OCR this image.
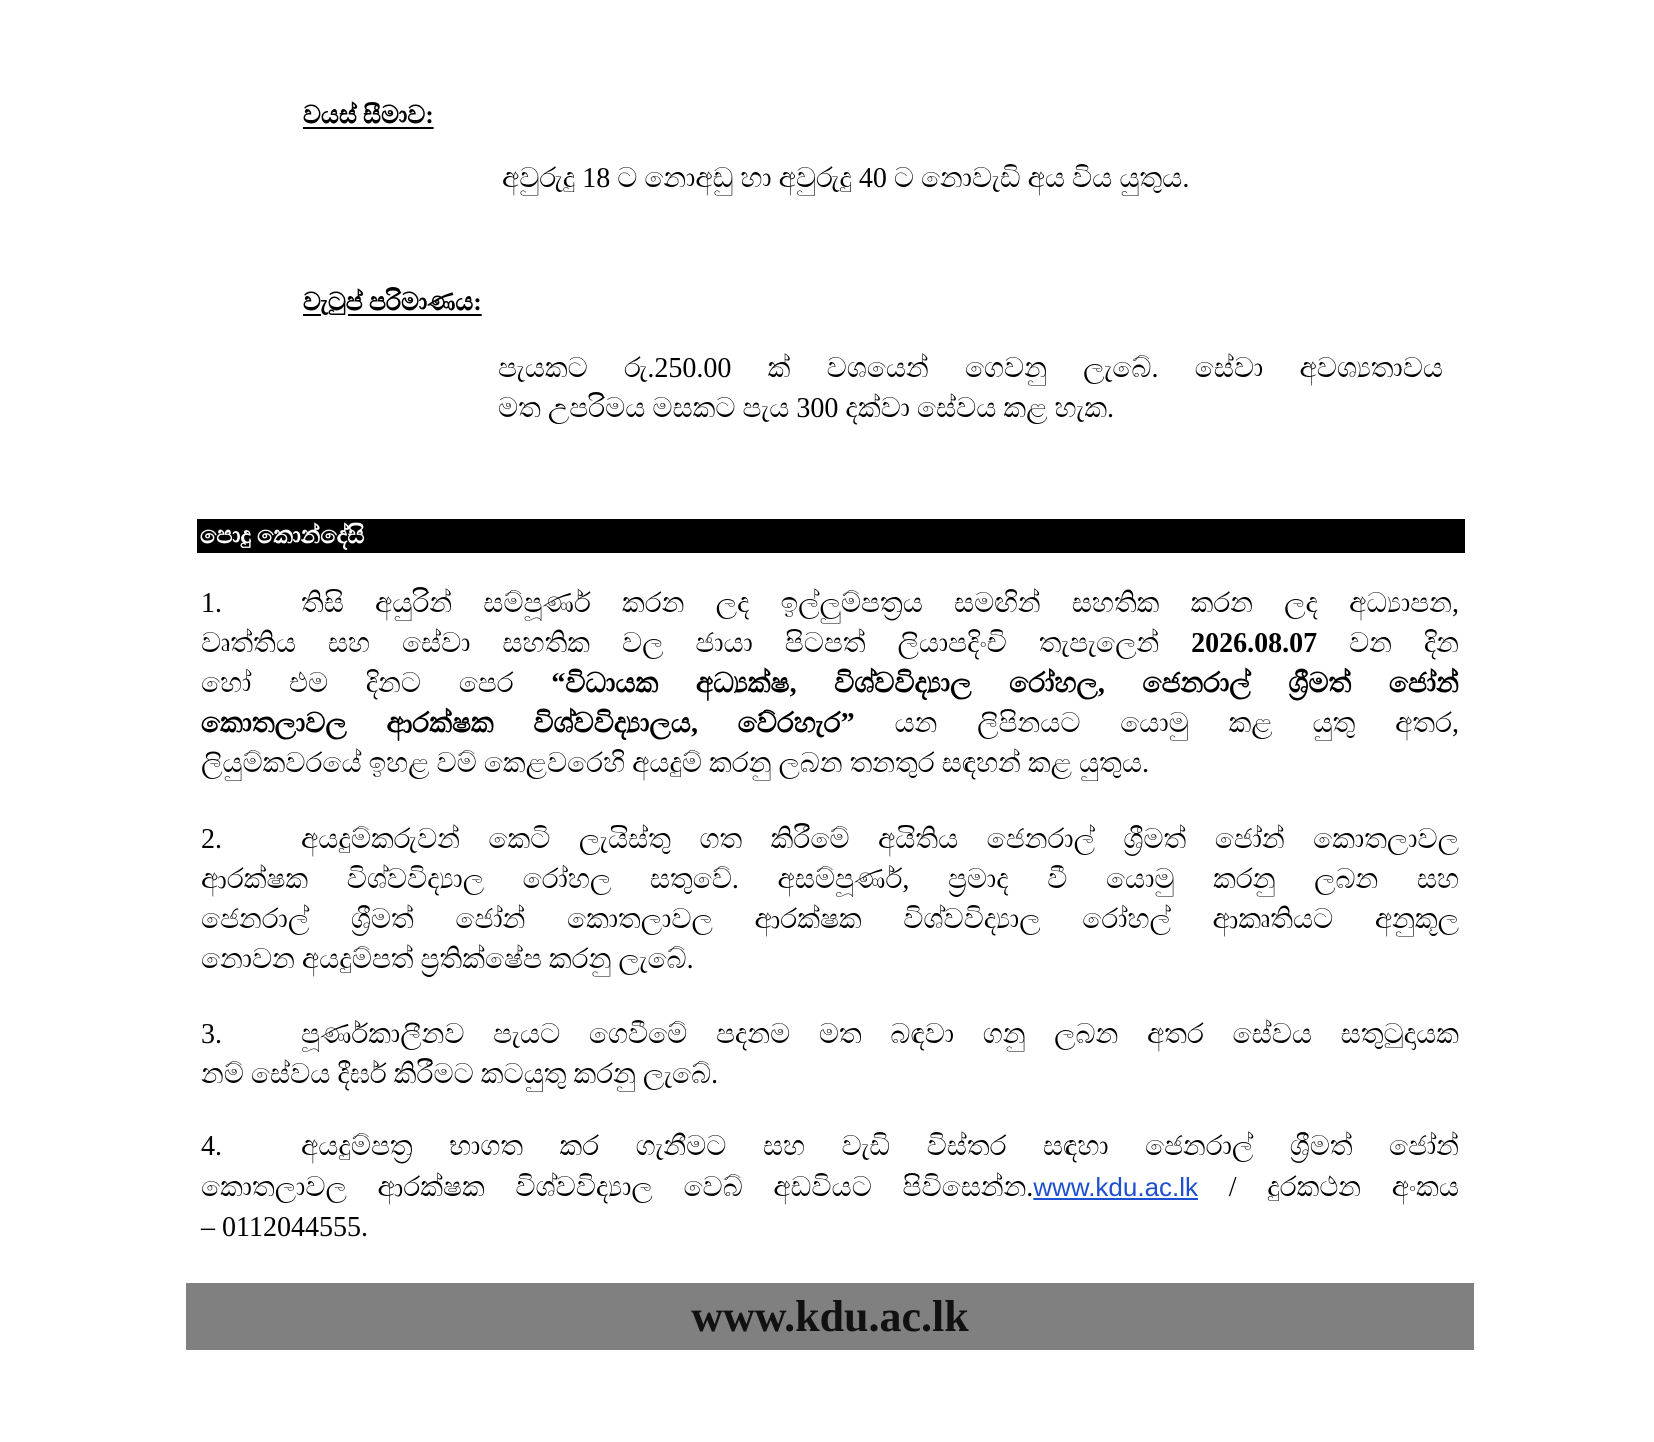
වයස් සීමාව:
අවුරුදු 18 ට නොඅඩු හා අවුරුදු 40 ට නොවැඩි අය විය යුතුය.
වැටුප් පරිමාණය:
පැයකට රු.250.00 ක් වශයෙන් ගෙවනු ලැබේ. සේවා අවශ්‍යතාවය
මත උපරිමය මසකට පැය 300 දක්වා සේවය කළ හැක.
පොදු කොන්දේසි
1.	තිසි අයුරින් සම්පූර්ණ කරන ලද ඉල්ලුම්පත්‍රය සමඟින් සහතික කරන ලද අධ්‍යාපන,
වෘත්තිය සහ සේවා සහතික වල ජායා පිටපත් ලියාපදිංචි තැපැලෙන් 2026.08.07 වන දින
හෝ එම දිනට පෙර “විධායක අධ්‍යක්ෂ, විශ්වවිද්‍යාල රෝහල, ජෙනරාල් ශ්‍රීමත් ජෝන්
කොතලාවල ආරක්ෂක විශ්වවිද්‍යාලය, වේරහැර” යන ලිපිනයට යොමු කළ යුතු අතර,
ලියුම්කවරයේ ඉහළ වම් කෙළවරෙහි අයදුම් කරනු ලබන තනතුර සඳහන් කළ යුතුය.
2.	අයදුම්කරුවන් කෙටි ලැයිස්තු ගත කිරීමේ අයිතිය ජෙනරාල් ශ්‍රීමත් ජෝන් කොතලාවල
ආරක්ෂක විශ්වවිද්‍යාල රෝහල සතුවේ. අසම්පූර්ණ, ප්‍රමාද වී යොමු කරනු ලබන සහ
ජෙනරාල් ශ්‍රීමත් ජෝන් කොතලාවල ආරක්ෂක විශ්වවිද්‍යාල රෝහල් ආකෘතියට අනුකූල
නොවන අයදුම්පත් ප්‍රතික්ෂේප කරනු ලැබේ.
3.	පූර්ණකාලීනව පැයට ගෙවීමේ පදනම මත බඳවා ගනු ලබන අතර සේවය සතුටුදායක
නම් සේවය දීර්ඝ කිරීමට කටයුතු කරනු ලැබේ.
4.	අයදුම්පත්‍ර භාගත කර ගැනීමට සහ වැඩි විස්තර සඳහා ජෙනරාල් ශ්‍රීමත් ජෝන්
කොතලාවල ආරක්ෂක විශ්වවිද්‍යාල වෙබ් අඩවියට පිවිසෙන්න.www.kdu.ac.lk / දුරකථන අංකය
– 0112044555.
www.kdu.ac.lk
